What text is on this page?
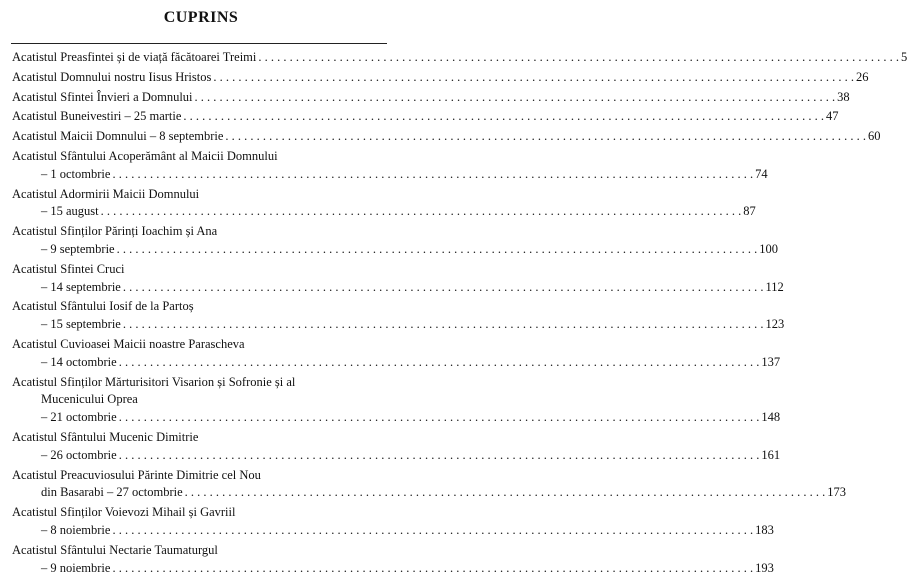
CUPRINS
Acatistul Preasfintei și de viață făcătoarei Treimi . . .	5
Acatistul Domnului nostru Iisus Hristos . . .	26
Acatistul Sfintei Învieri a Domnului . . .	38
Acatistul Buneivestiri – 25 martie . . .	47
Acatistul Maicii Domnului – 8 septembrie . . .	60
Acatistul Sfântului Acoperământ al Maicii Domnului
– 1 octombrie . . .	74
Acatistul Adormirii Maicii Domnului
– 15 august . . .	87
Acatistul Sfinților Părinți Ioachim și Ana
– 9 septembrie . . .	100
Acatistul Sfintei Cruci
– 14 septembrie . . .	112
Acatistul Sfântului Iosif de la Partoș
– 15 septembrie . . .	123
Acatistul Cuvioasei Maicii noastre Parascheva
– 14 octombrie . . .	137
Acatistul Sfinților Mărturisitori Visarion și Sofronie și al
Mucenicului Oprea
– 21 octombrie . . .	148
Acatistul Sfântului Mucenic Dimitrie
– 26 octombrie . . .	161
Acatistul Preacuviosului Părinte Dimitrie cel Nou
din Basarabi – 27 octombrie . . .	173
Acatistul Sfinților Voievozi Mihail și Gavriil
– 8 noiembrie . . .	183
Acatistul Sfântului Nectarie Taumaturgul
– 9 noiembrie . . .	193
